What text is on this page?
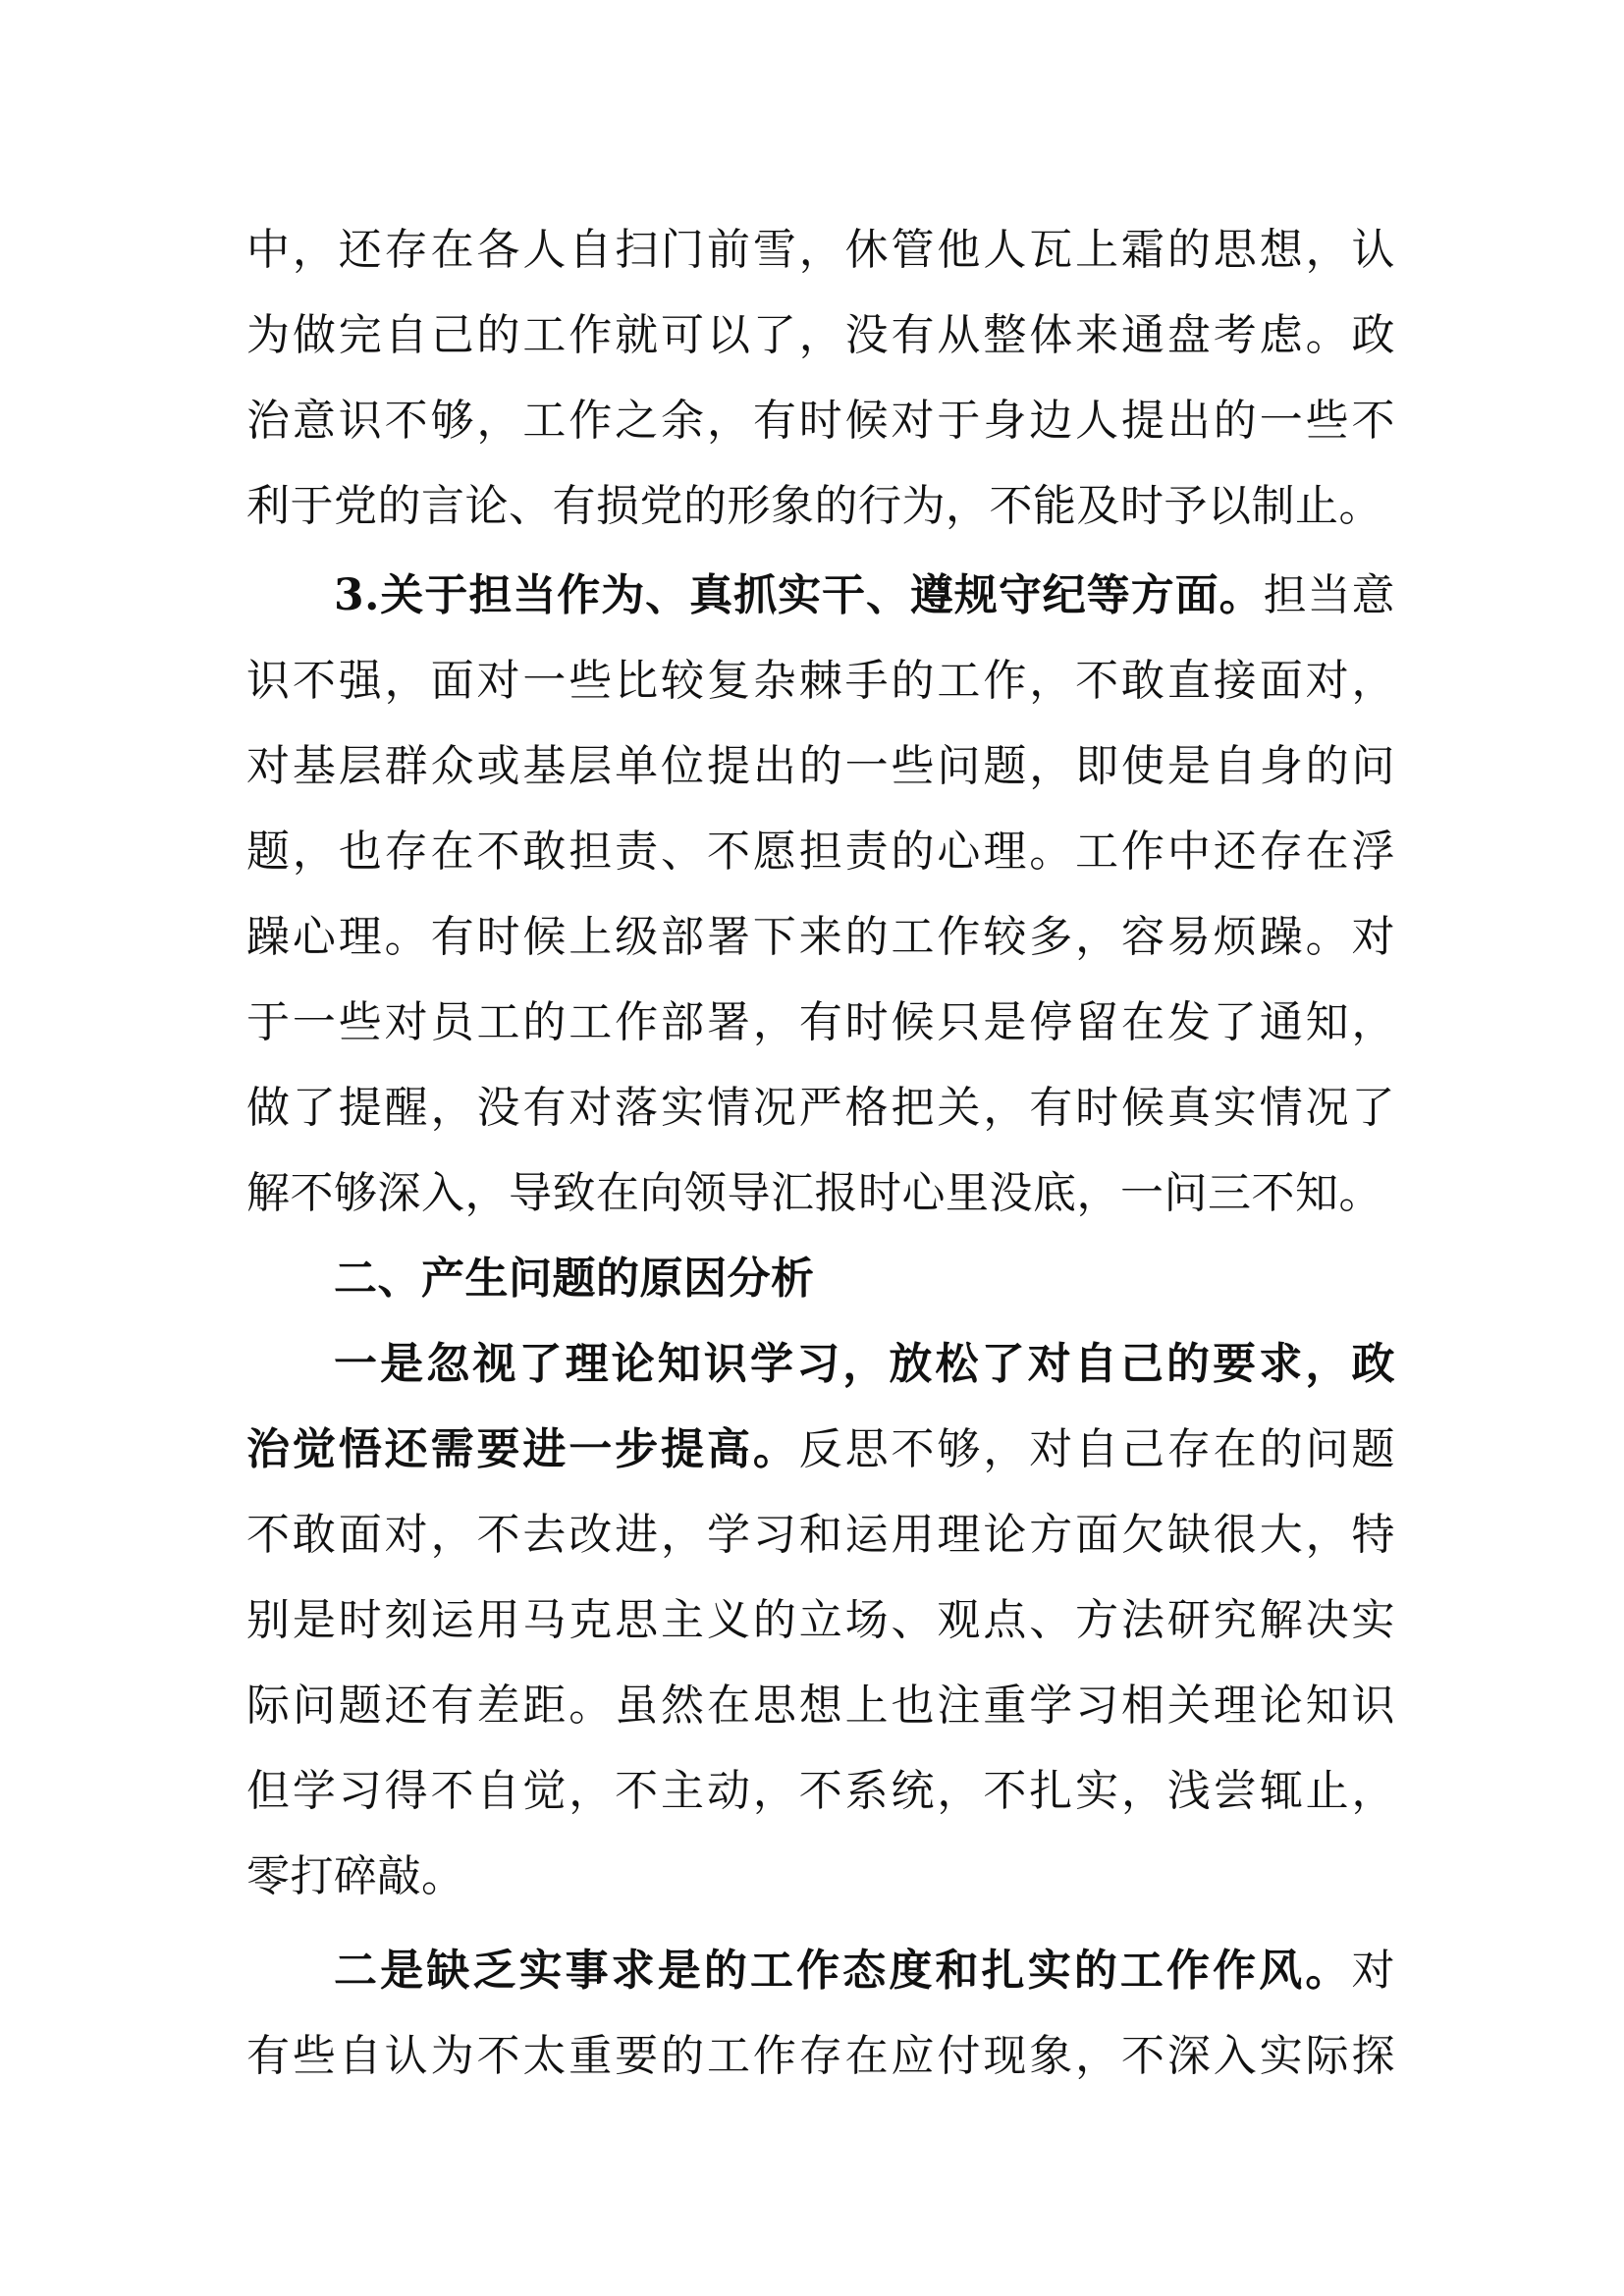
中，还存在各人自扫门前雪，休管他人瓦上霜的思想，认
为做完自己的工作就可以了，没有从整体来通盘考虑。政
治意识不够，工作之余，有时候对于身边人提出的一些不
利于党的言论、有损党的形象的行为，不能及时予以制止。
3.关于担当作为、真抓实干、遵规守纪等方面。担当意
识不强，面对一些比较复杂棘手的工作，不敢直接面对，
对基层群众或基层单位提出的一些问题，即使是自身的问
题，也存在不敢担责、不愿担责的心理。工作中还存在浮
躁心理。有时候上级部署下来的工作较多，容易烦躁。对
于一些对员工的工作部署，有时候只是停留在发了通知，
做了提醒，没有对落实情况严格把关，有时候真实情况了
解不够深入，导致在向领导汇报时心里没底，一问三不知。
二、产生问题的原因分析
一是忽视了理论知识学习，放松了对自己的要求，政
治觉悟还需要进一步提高。反思不够，对自己存在的问题
不敢面对，不去改进，学习和运用理论方面欠缺很大，特
别是时刻运用马克思主义的立场、观点、方法研究解决实
际问题还有差距。虽然在思想上也注重学习相关理论知识
但学习得不自觉，不主动，不系统，不扎实，浅尝辄止，
零打碎敲。
二是缺乏实事求是的工作态度和扎实的工作作风。对
有些自认为不太重要的工作存在应付现象，不深入实际探
